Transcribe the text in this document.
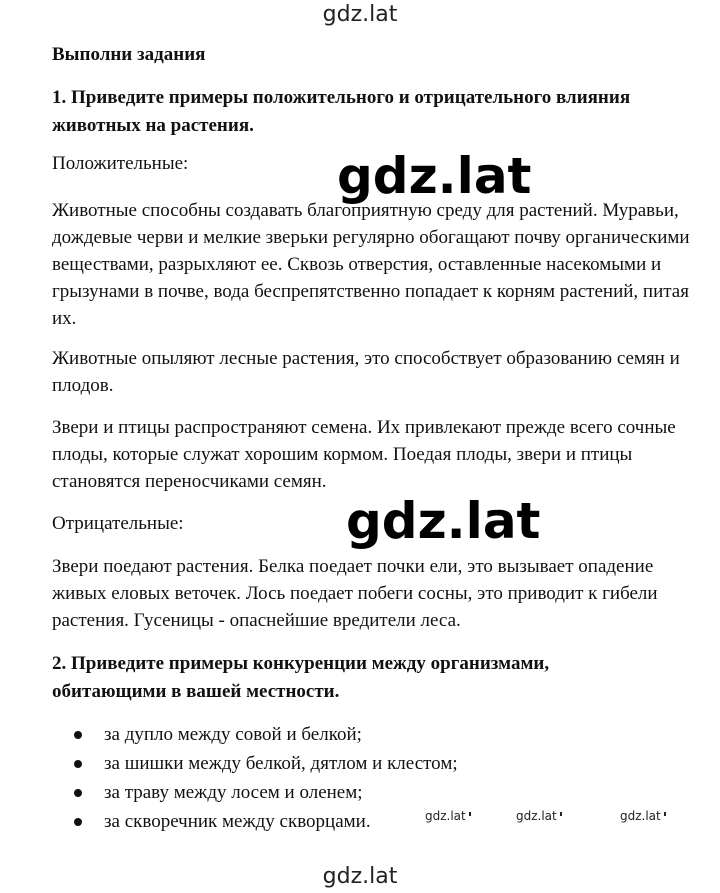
gdz.lat
Выполни задания
1. Приведите примеры положительного и отрицательного влияния животных на растения.
Положительные:
Животные способны создавать благоприятную среду для растений. Муравьи, дождевые черви и мелкие зверьки регулярно обогащают почву органическими веществами, разрыхляют ее. Сквозь отверстия, оставленные насекомыми и грызунами в почве, вода беспрепятственно попадает к корням растений, питая их.
Животные опыляют лесные растения, это способствует образованию семян и плодов.
Звери и птицы распространяют семена. Их привлекают прежде всего сочные плоды, которые служат хорошим кормом. Поедая плоды, звери и птицы становятся переносчиками семян.
Отрицательные:
Звери поедают растения. Белка поедает почки ели, это вызывает опадение живых еловых веточек. Лось поедает побеги сосны, это приводит к гибели растения. Гусеницы - опаснейшие вредители леса.
2. Приведите примеры конкуренции между организмами, обитающими в вашей местности.
за дупло между совой и белкой;
за шишки между белкой, дятлом и клестом;
за траву между лосем и оленем;
за скворечник между скворцами.
gdz.lat
gdz.lat
gdz.lat	gdz.lat	gdz.lat
gdz.lat
